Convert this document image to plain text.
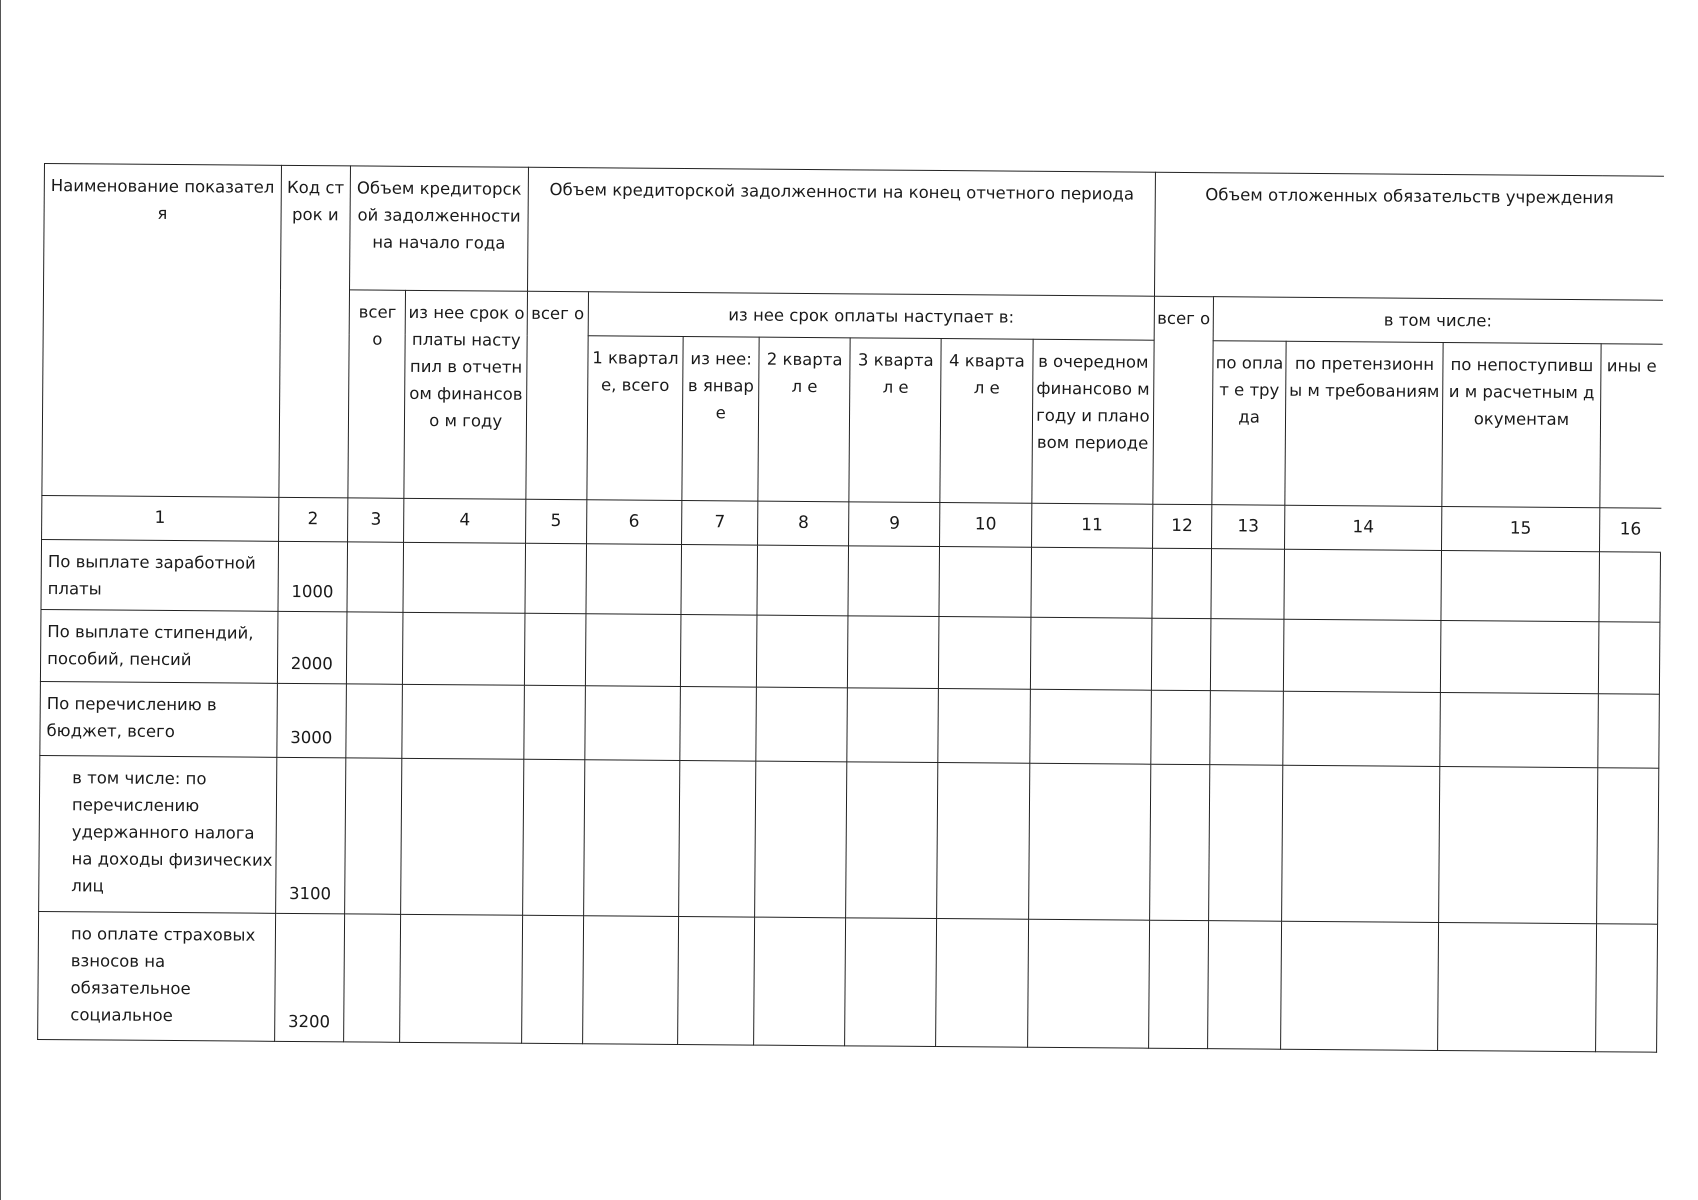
Наименование показателя	Код строк и	Объем кредиторской задолженности на начало года		Объем кредиторской задолженности на конец отчетного периода							Объем отложенных обязательств учреждения				
		всег о	из нее срок оплаты наступил в отчетном финансово м году	всег о	из нее срок оплаты наступает в:						всег о	в том числе:			
					1 квартал е, всего	из нее: в январ е	2 квартал е	3 квартал е	4 квартал е	в очередном финансово м году и плановом периоде		по оплат е труда	по претензионны м требованиям	по непоступивши м расчетным документам	ины е
1	2	3	4	5	6	7	8	9	10	11	12	13	14	15	16
По выплате заработной платы	1000														
По выплате стипендий, пособий, пенсий	2000														
По перечислению в бюджет, всего	3000														
в том числе: по перечислению удержанного налога на доходы физических лиц	3100														
по оплате страховых взносов на обязательное социальное	3200														
